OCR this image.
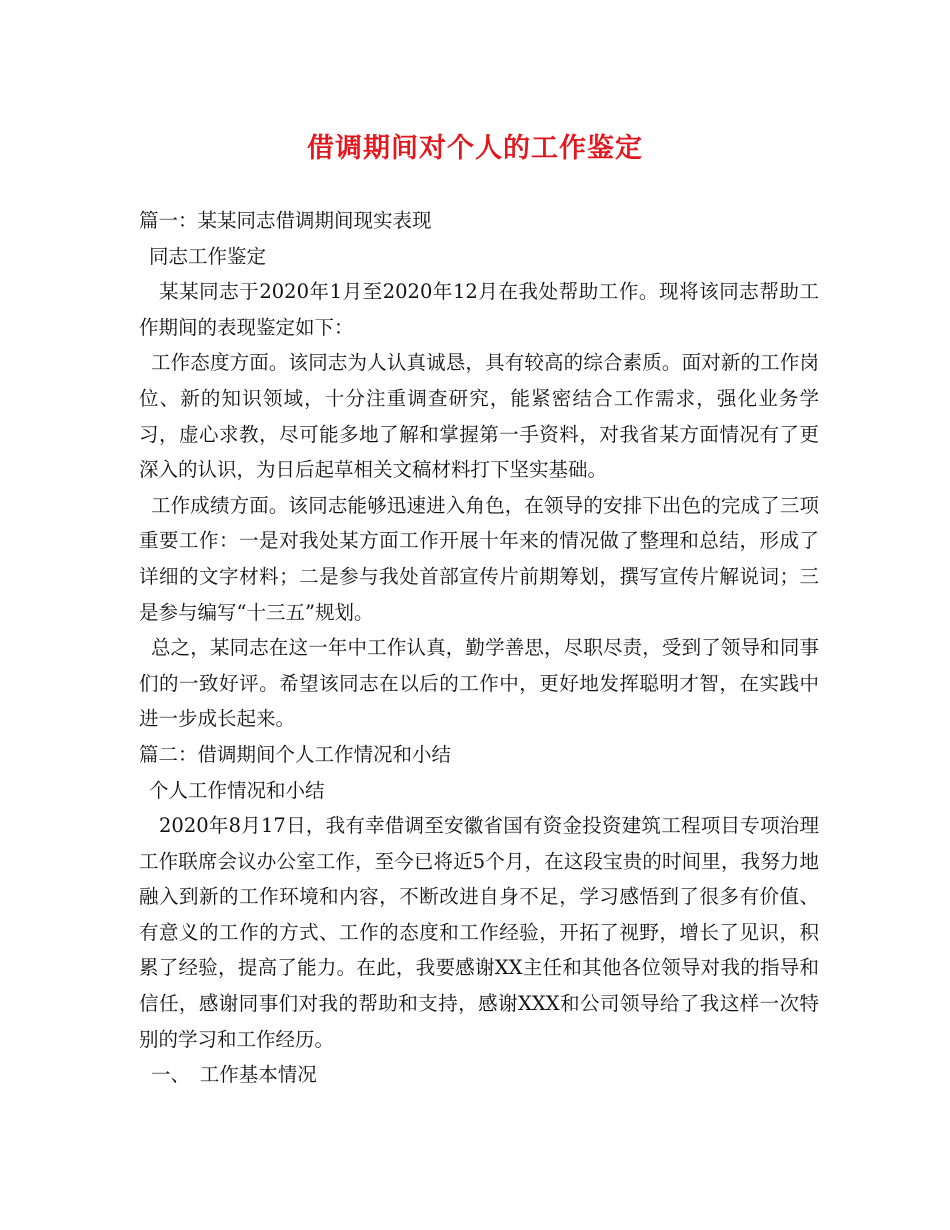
借调期间对个人的工作鉴定

篇一：某某同志借调期间现实表现

同志工作鉴定

某某同志于2020年1月至2020年12月在我处帮助工作。现将该同志帮助工作期间的表现鉴定如下：

工作态度方面。该同志为人认真诚恳，具有较高的综合素质。面对新的工作岗位、新的知识领域，十分注重调查研究，能紧密结合工作需求，强化业务学习，虚心求教，尽可能多地了解和掌握第一手资料，对我省某方面情况有了更深入的认识，为日后起草相关文稿材料打下坚实基础。

工作成绩方面。该同志能够迅速进入角色，在领导的安排下出色的完成了三项重要工作：一是对我处某方面工作开展十年来的情况做了整理和总结，形成了详细的文字材料；二是参与我处首部宣传片前期筹划，撰写宣传片解说词；三是参与编写“十三五”规划。

总之，某同志在这一年中工作认真，勤学善思，尽职尽责，受到了领导和同事们的一致好评。希望该同志在以后的工作中，更好地发挥聪明才智，在实践中进一步成长起来。

篇二：借调期间个人工作情况和小结

个人工作情况和小结

2020年8月17日，我有幸借调至安徽省国有资金投资建筑工程项目专项治理工作联席会议办公室工作，至今已将近5个月，在这段宝贵的时间里，我努力地融入到新的工作环境和内容，不断改进自身不足，学习感悟到了很多有价值、有意义的工作的方式、工作的态度和工作经验，开拓了视野，增长了见识，积累了经验，提高了能力。在此，我要感谢XX主任和其他各位领导对我的指导和信任，感谢同事们对我的帮助和支持，感谢XXX和公司领导给了我这样一次特别的学习和工作经历。

一、　工作基本情况
